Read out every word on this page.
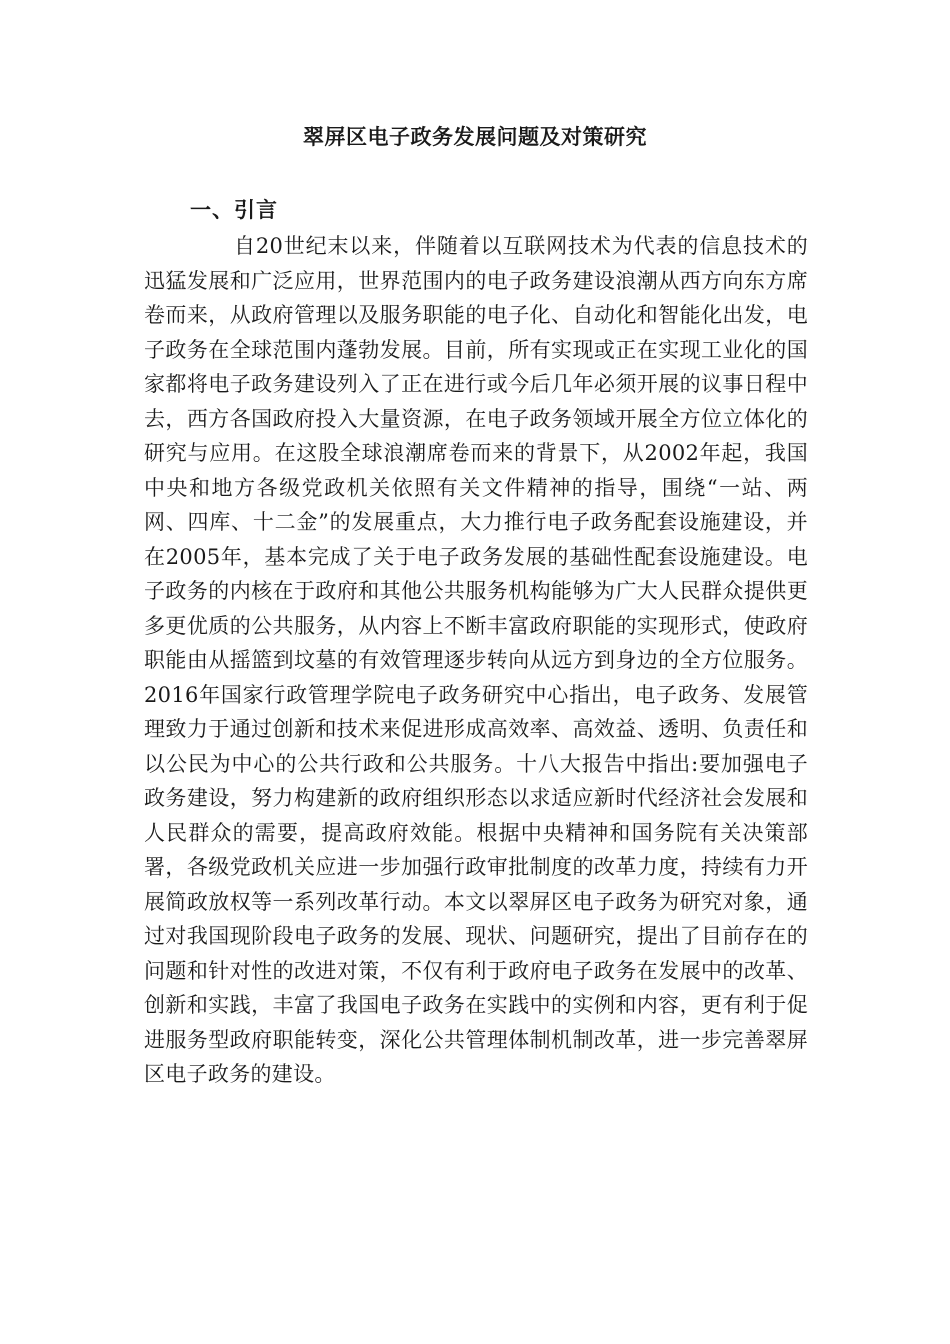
翠屏区电子政务发展问题及对策研究
一、引言

自20世纪末以来，伴随着以互联网技术为代表的信息技术的迅猛发展和广泛应用，世界范围内的电子政务建设浪潮从西方向东方席卷而来，从政府管理以及服务职能的电子化、自动化和智能化出发，电子政务在全球范围内蓬勃发展。目前，所有实现或正在实现工业化的国家都将电子政务建设列入了正在进行或今后几年必须开展的议事日程中去，西方各国政府投入大量资源，在电子政务领域开展全方位立体化的研究与应用。在这股全球浪潮席卷而来的背景下，从2002年起，我国中央和地方各级党政机关依照有关文件精神的指导，围绕“一站、两网、四库、十二金”的发展重点，大力推行电子政务配套设施建设，并在2005年，基本完成了关于电子政务发展的基础性配套设施建设。电子政务的内核在于政府和其他公共服务机构能够为广大人民群众提供更多更优质的公共服务，从内容上不断丰富政府职能的实现形式，使政府职能由从摇篮到坟墓的有效管理逐步转向从远方到身边的全方位服务。2016年国家行政管理学院电子政务研究中心指出，电子政务、发展管理致力于通过创新和技术来促进形成高效率、高效益、透明、负责任和以公民为中心的公共行政和公共服务。十八大报告中指出:要加强电子政务建设，努力构建新的政府组织形态以求适应新时代经济社会发展和人民群众的需要，提高政府效能。根据中央精神和国务院有关决策部署，各级党政机关应进一步加强行政审批制度的改革力度，持续有力开展简政放权等一系列改革行动。本文以翠屏区电子政务为研究对象，通过对我国现阶段电子政务的发展、现状、问题研究，提出了目前存在的问题和针对性的改进对策，不仅有利于政府电子政务在发展中的改革、创新和实践，丰富了我国电子政务在实践中的实例和内容，更有利于促进服务型政府职能转变，深化公共管理体制机制改革，进一步完善翠屏区电子政务的建设。
